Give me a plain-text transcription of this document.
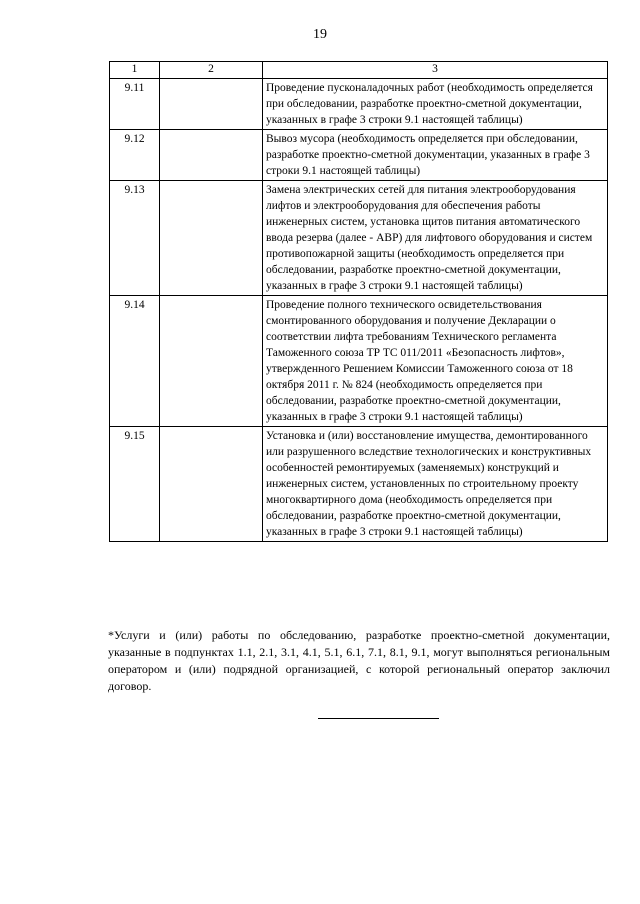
19
1	2	3
9.11		Проведение пусконаладочных работ (необходимость определяется при обследовании, разработке проектно-сметной документации, указанных в графе 3 строки 9.1 настоящей таблицы)
9.12		Вывоз мусора (необходимость определяется при обследовании, разработке проектно-сметной документации, указанных в графе 3 строки 9.1 настоящей таблицы)
9.13		Замена электрических сетей для питания электрооборудования лифтов и электрооборудования для обеспечения работы инженерных систем, установка щитов питания автоматического ввода резерва (далее - АВР) для лифтового оборудования и систем противопожарной защиты (необходимость определяется при обследовании, разработке проектно-сметной документации, указанных в графе 3 строки 9.1 настоящей таблицы)
9.14		Проведение полного технического освидетельствования смонтированного оборудования и получение Декларации о соответствии лифта требованиям Технического регламента Таможенного союза ТР ТС 011/2011 «Безопасность лифтов», утвержденного Решением Комиссии Таможенного союза от 18 октября 2011 г. № 824 (необходимость определяется при обследовании, разработке проектно-сметной документации, указанных в графе 3 строки 9.1 настоящей таблицы)
9.15		Установка и (или) восстановление имущества, демонтированного или разрушенного вследствие технологических и конструктивных особенностей ремонтируемых (заменяемых) конструкций и инженерных систем, установленных по строительному проекту многоквартирного дома (необходимость определяется при обследовании, разработке проектно-сметной документации, указанных в графе 3 строки 9.1 настоящей таблицы)
*Услуги и (или) работы по обследованию, разработке проектно-сметной документации, указанные в подпунктах 1.1, 2.1, 3.1, 4.1, 5.1, 6.1, 7.1, 8.1, 9.1, могут выполняться региональным оператором и (или) подрядной организацией, с которой региональный оператор заключил договор.
